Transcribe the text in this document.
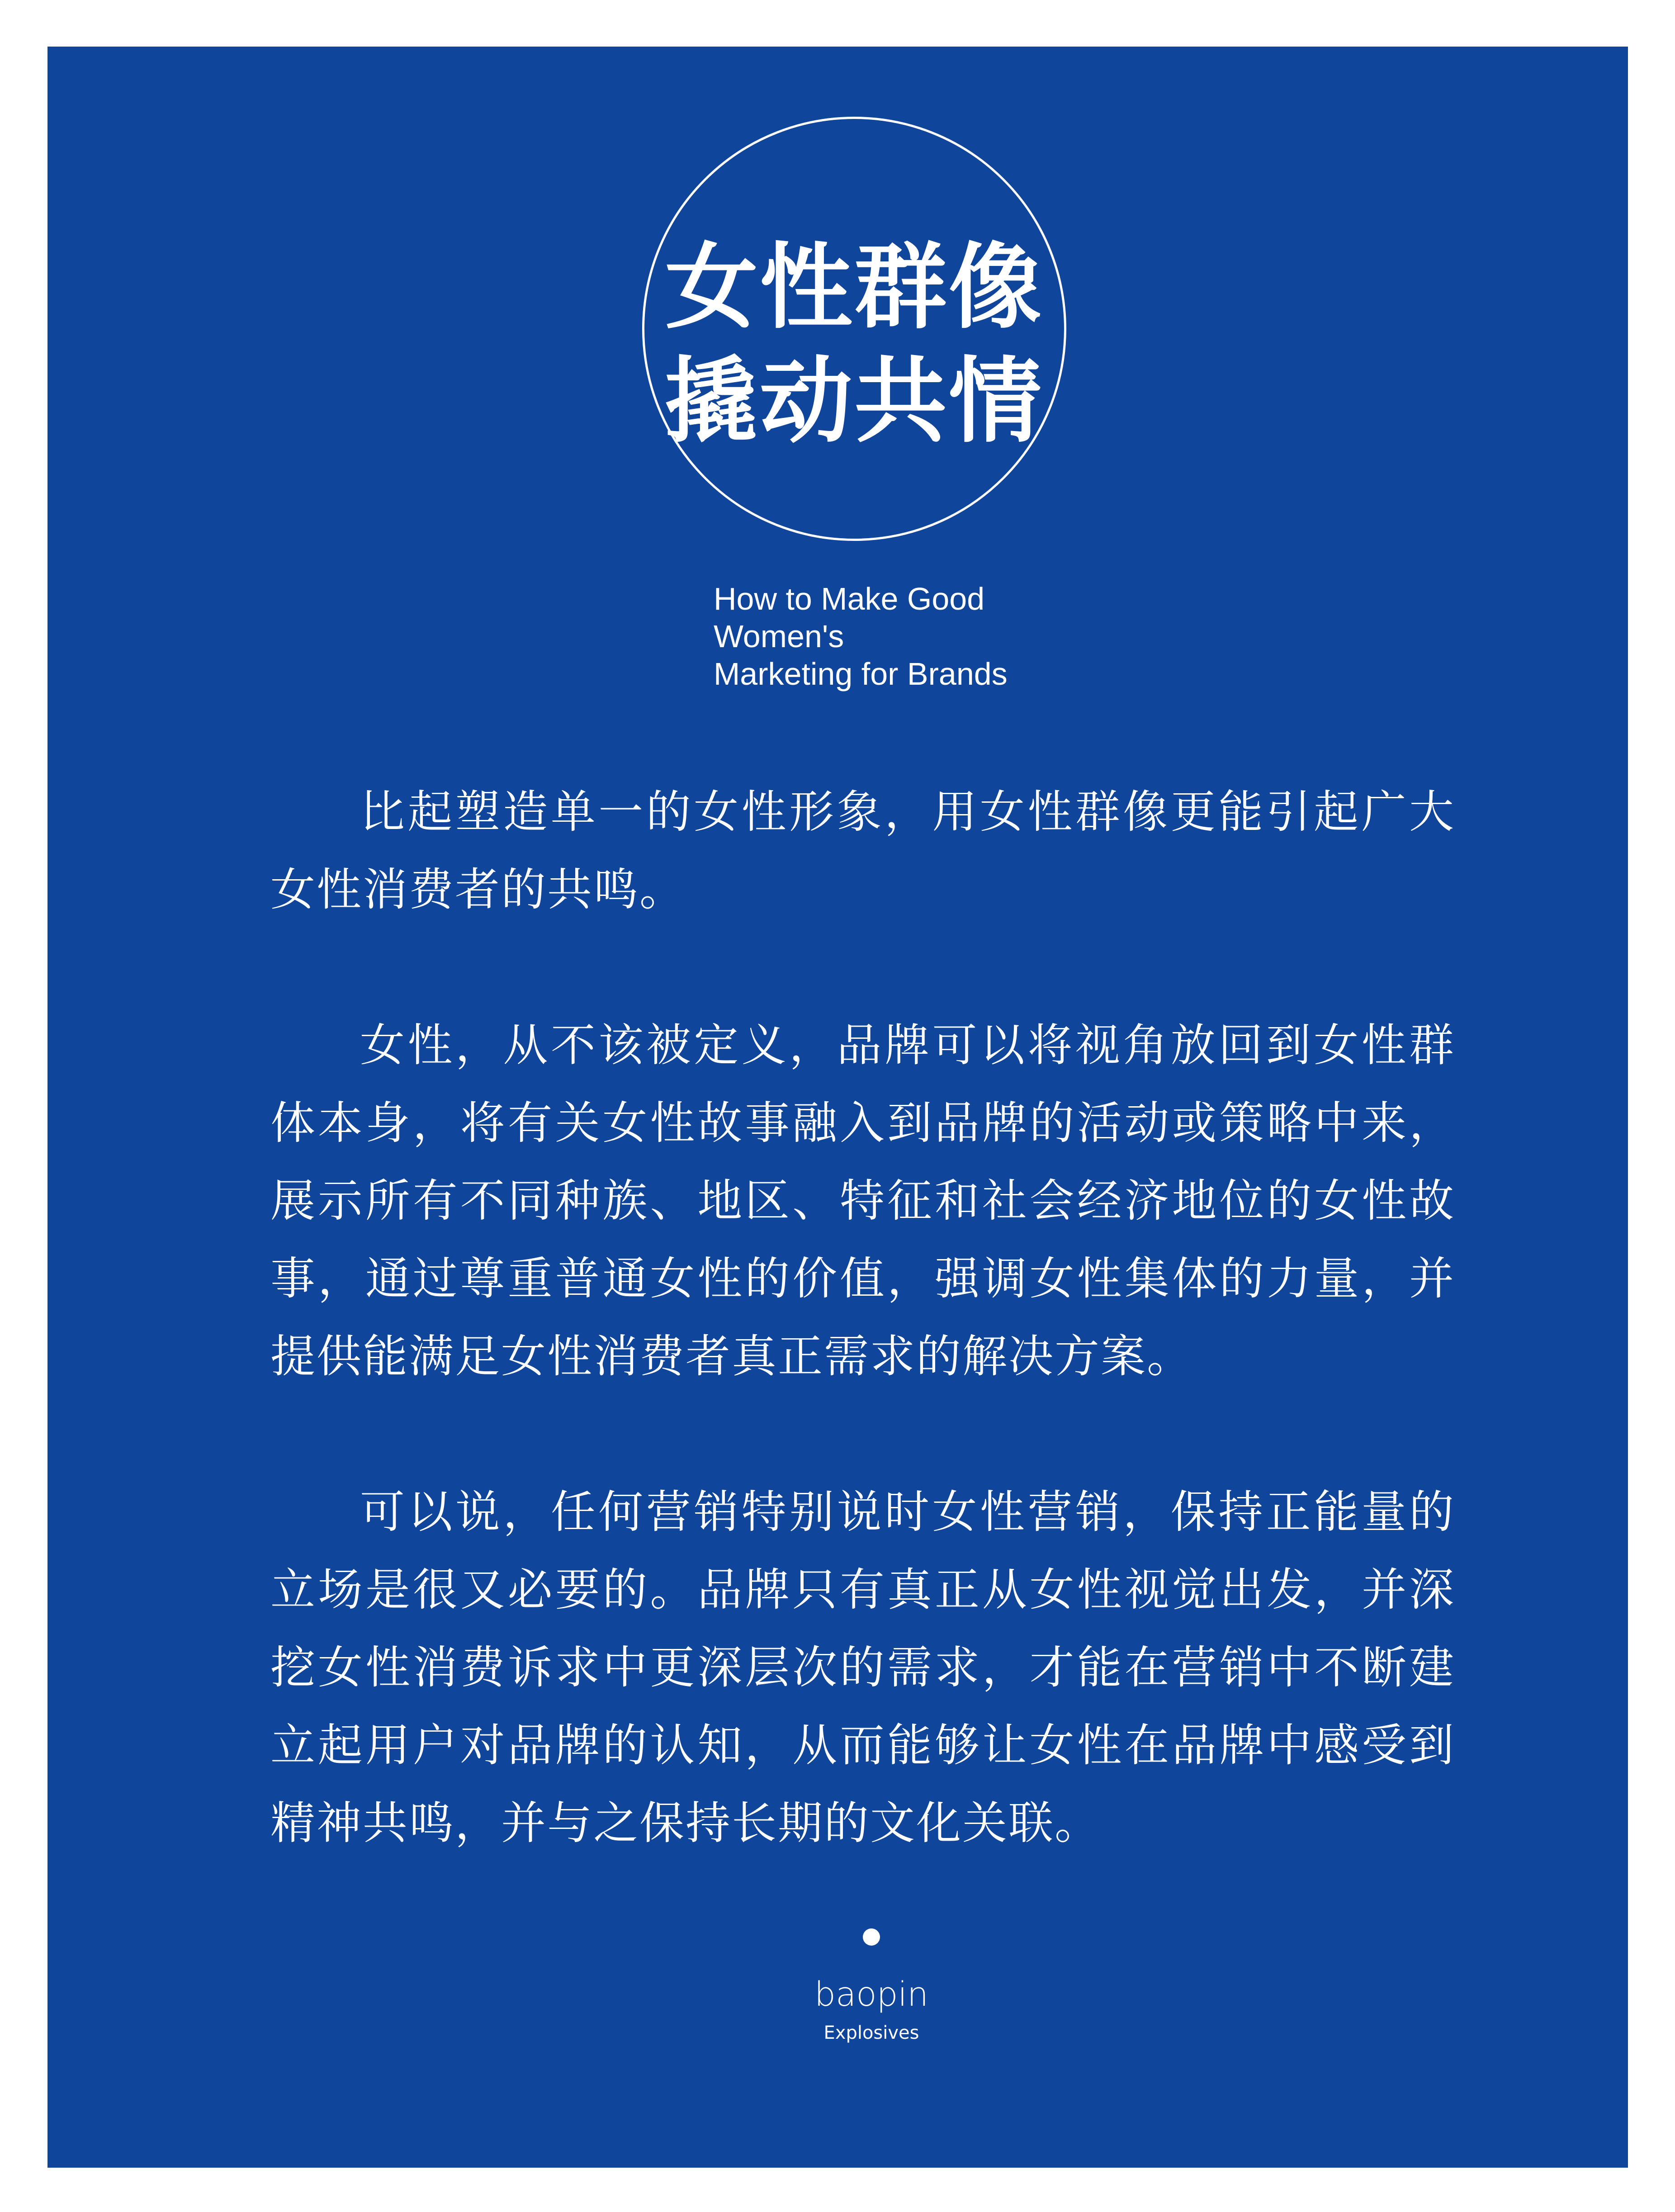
女性群像
撬动共情
How to Make Good
Women's
Marketing for Brands

比起塑造单一的女性形象，用女性群像更能引起广大女性消费者的共鸣。

女性，从不该被定义，品牌可以将视角放回到女性群体本身，将有关女性故事融入到品牌的活动或策略中来，展示所有不同种族、地区、特征和社会经济地位的女性故事，通过尊重普通女性的价值，强调女性集体的力量，并提供能满足女性消费者真正需求的解决方案。

可以说，任何营销特别说时女性营销，保持正能量的立场是很又必要的。品牌只有真正从女性视觉出发，并深挖女性消费诉求中更深层次的需求，才能在营销中不断建立起用户对品牌的认知，从而能够让女性在品牌中感受到精神共鸣，并与之保持长期的文化关联。

baopin
Explosives
